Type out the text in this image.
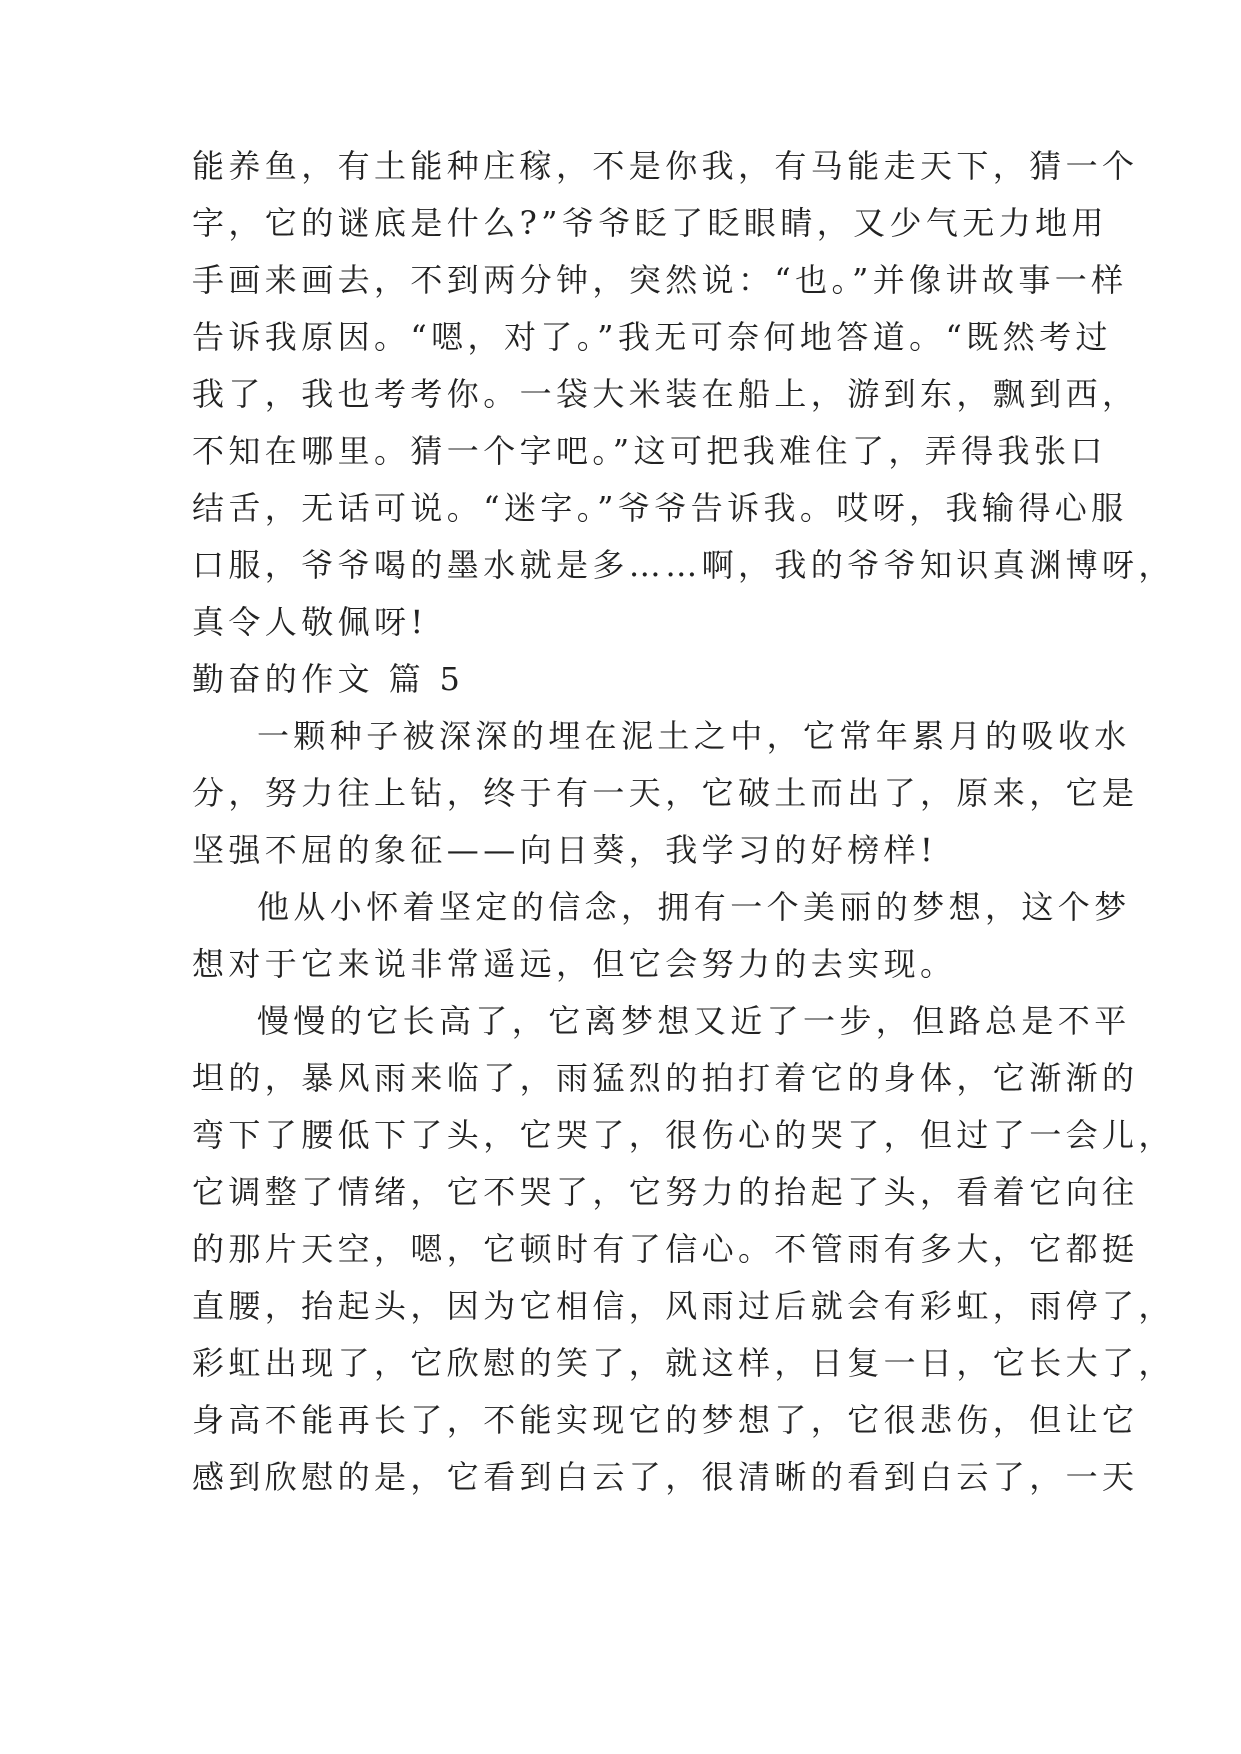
能养鱼，有土能种庄稼，不是你我，有马能走天下，猜一个
字，它的谜底是什么?”爷爷眨了眨眼睛，又少气无力地用
手画来画去，不到两分钟，突然说：“也。”并像讲故事一样
告诉我原因。“嗯，对了。”我无可奈何地答道。“既然考过
我了，我也考考你。一袋大米装在船上，游到东，飘到西，
不知在哪里。猜一个字吧。”这可把我难住了，弄得我张口
结舌，无话可说。“迷字。”爷爷告诉我。哎呀，我输得心服
口服，爷爷喝的墨水就是多……啊，我的爷爷知识真渊博呀，
真令人敬佩呀!
勤奋的作文 篇 5
一颗种子被深深的埋在泥土之中，它常年累月的吸收水
分，努力往上钻，终于有一天，它破土而出了，原来，它是
坚强不屈的象征——向日葵，我学习的好榜样!
他从小怀着坚定的信念，拥有一个美丽的梦想，这个梦
想对于它来说非常遥远，但它会努力的去实现。
慢慢的它长高了，它离梦想又近了一步，但路总是不平
坦的，暴风雨来临了，雨猛烈的拍打着它的身体，它渐渐的
弯下了腰低下了头，它哭了，很伤心的哭了，但过了一会儿，
它调整了情绪，它不哭了，它努力的抬起了头，看着它向往
的那片天空，嗯，它顿时有了信心。不管雨有多大，它都挺
直腰，抬起头，因为它相信，风雨过后就会有彩虹，雨停了，
彩虹出现了，它欣慰的笑了，就这样，日复一日，它长大了，
身高不能再长了，不能实现它的梦想了，它很悲伤，但让它
感到欣慰的是，它看到白云了，很清晰的看到白云了，一天
